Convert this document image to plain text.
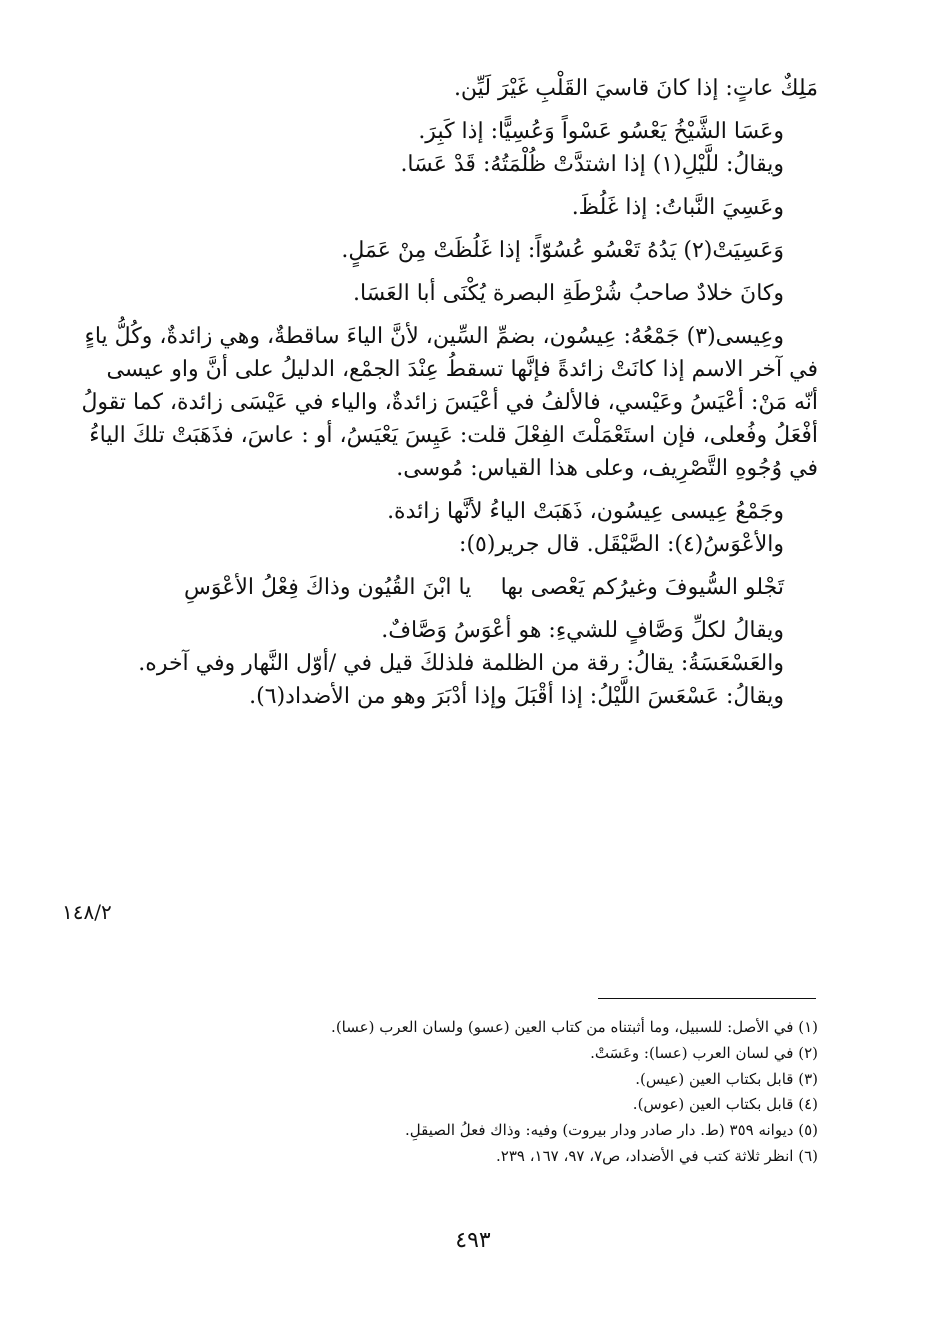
مَلِكٌ عاتٍ: إذا كانَ قاسيَ القَلْبِ غَيْرَ لَيِّن.
وعَسَا الشَّيْخُ يَعْسُو عَسْواً وَعُسِيًّا: إذا كَبِرَ.
ويقالُ: للَّيْلِ(١) إذا اشتدَّتْ ظُلْمَتُهُ: قَدْ عَسَا.
وعَسِيَ النَّباتُ: إذا غَلُظَ.
وَعَسِيَتْ(٢) يَدُهُ تَعْسُو عُسُوّاً: إذا غَلُظَتْ مِنْ عَمَلٍ.
وكانَ خلادٌ صاحبُ شُرْطَةِ البصرة يُكْنَى أبا العَسَا.
وعِيسى(٣) جَمْعُهُ: عِيسُون، بضمِّ السِّين، لأنَّ الياءَ ساقطةٌ، وهي زائدةٌ، وكُلُّ ياءٍ
في آخر الاسم إذا كانَتْ زائدةً فإنَّها تسقطُ عِنْدَ الجمْع، الدليلُ على أنَّ واو عيسى
أنّه مَنْ: أعْيَسُ وعَيْسي، فالألفُ في أعْيَسَ زائدةٌ، والياء في عَيْسَى زائدة، كما تقولُ
أفْعَلُ وفُعلى، فإن استَعْمَلْتَ الفِعْلَ قلت: عَيِسَ يَعْيَسُ، أو : عاسَ، فذَهَبَتْ تلكَ الياءُ
في وُجُوهِ التَّصْرِيف، وعلى هذا القياس: مُوسى.
وجَمْعُ عِيسى عِيسُون، ذَهَبَتْ الياءُ لأنَّها زائدة.
والأعْوَسُ(٤): الصَّيْقَل. قال جرير(٥):
تَجْلو السُّيوفَ وغيرُكم يَعْصى بها
يا ابْنَ القُيُون وذاكَ فِعْلُ الأعْوَسِ
ويقالُ لكلِّ وَصَّافٍ للشيءِ: هو أعْوَسُ وَصَّافٌ.
والعَسْعَسَةُ: يقالُ: رقة من الظلمة فلذلكَ قيل في /أوّل النَّهار وفي آخره.
ويقالُ: عَسْعَسَ اللَّيْلُ: إذا أقْبَلَ وإذا أدْبَرَ وهو من الأضداد(٦).
١٤٨/٢
(١) في الأصل: للسبيل، وما أثبتناه من كتاب العين (عسو) ولسان العرب (عسا).
(٢) في لسان العرب (عسا): وعَسَتْ.
(٣) قابل بكتاب العين (عيس).
(٤) قابل بكتاب العين (عوس).
(٥) ديوانه ٣٥٩ (ط. دار صادر ودار بيروت) وفيه: وذاك فعلُ الصيقلِ.
(٦) انظر ثلاثة كتب في الأضداد، ص٧، ٩٧، ١٦٧، ٢٣٩.
٤٩٣
